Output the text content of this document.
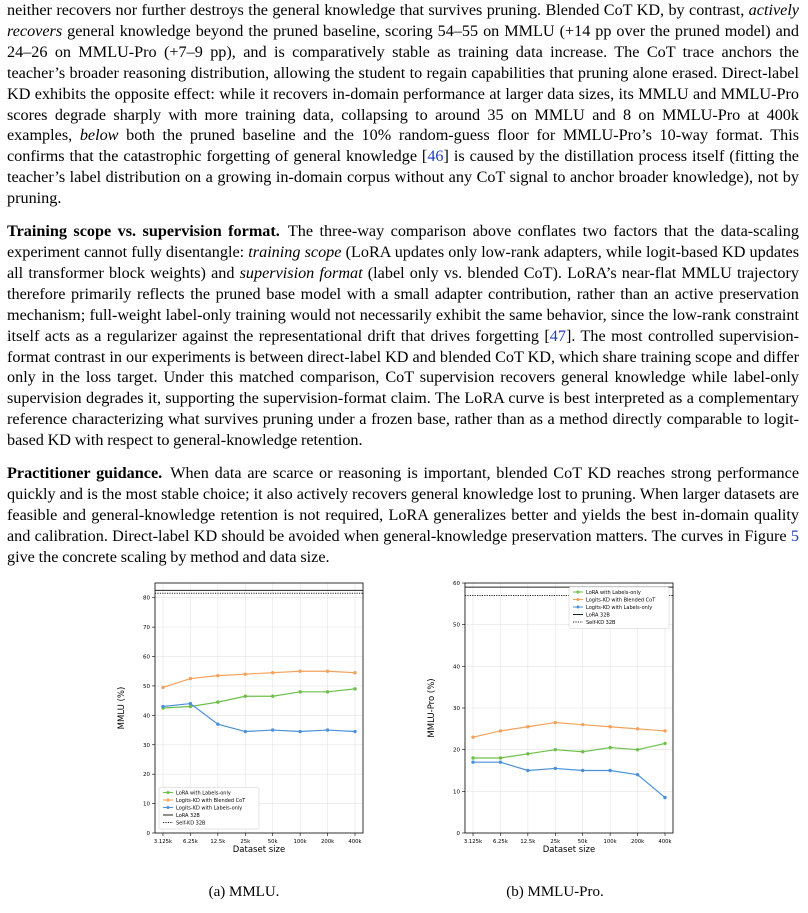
neither recovers nor further destroys the general knowledge that survives pruning. Blended CoT KD, by contrast, actively recovers general knowledge beyond the pruned baseline, scoring 54–55 on MMLU (+14 pp over the pruned model) and 24–26 on MMLU-Pro (+7–9 pp), and is comparatively stable as training data increase. The CoT trace anchors the teacher’s broader reasoning distribution, allowing the student to regain capabilities that pruning alone erased. Direct-label KD exhibits the opposite effect: while it recovers in-domain performance at larger data sizes, its MMLU and MMLU-Pro scores degrade sharply with more training data, collapsing to around 35 on MMLU and 8 on MMLU-Pro at 400k examples, below both the pruned baseline and the 10% random-guess floor for MMLU-Pro’s 10-way format. This confirms that the catastrophic forgetting of general knowledge [46] is caused by the distillation process itself (fitting the teacher’s label distribution on a growing in-domain corpus without any CoT signal to anchor broader knowledge), not by pruning.

Training scope vs. supervision format. The three-way comparison above conflates two factors that the data-scaling experiment cannot fully disentangle: training scope (LoRA updates only low-rank adapters, while logit-based KD updates all transformer block weights) and supervision format (label only vs. blended CoT). LoRA’s near-flat MMLU trajectory therefore primarily reflects the pruned base model with a small adapter contribution, rather than an active preservation mechanism; full-weight label-only training would not necessarily exhibit the same behavior, since the low-rank constraint itself acts as a regularizer against the representational drift that drives forgetting [47]. The most controlled supervision-format contrast in our experiments is between direct-label KD and blended CoT KD, which share training scope and differ only in the loss target. Under this matched comparison, CoT supervision recovers general knowledge while label-only supervision degrades it, supporting the supervision-format claim. The LoRA curve is best interpreted as a complementary reference characterizing what survives pruning under a frozen base, rather than as a method directly comparable to logit-based KD with respect to general-knowledge retention.

Practitioner guidance. When data are scarce or reasoning is important, blended CoT KD reaches strong performance quickly and is the most stable choice; it also actively recovers general knowledge lost to pruning. When larger datasets are feasible and general-knowledge retention is not required, LoRA generalizes better and yields the best in-domain quality and calibration. Direct-label KD should be avoided when general-knowledge preservation matters. The curves in Figure 5 give the concrete scaling by method and data size.

0
10
20
30
40
50
60
70
80
3.125k 6.25k 12.5k	25k	50k	100k	200k	400k
Dataset size
MMLU (%)
LoRA with Labels-only
Logits-KD with Blended CoT
Logits-KD with Labels-only
LoRA 32B
Self-KD 32B
0
10
20
30
40
50
60
3.125k 6.25k 12.5k	25k	50k	100k	200k	400k
Dataset size
MMLU-Pro (%)
LoRA with Labels-only
Logits-KD with Blended CoT
Logits-KD with Labels-only
LoRA 32B
Self-KD 32B
(a) MMLU.	(b) MMLU-Pro.
